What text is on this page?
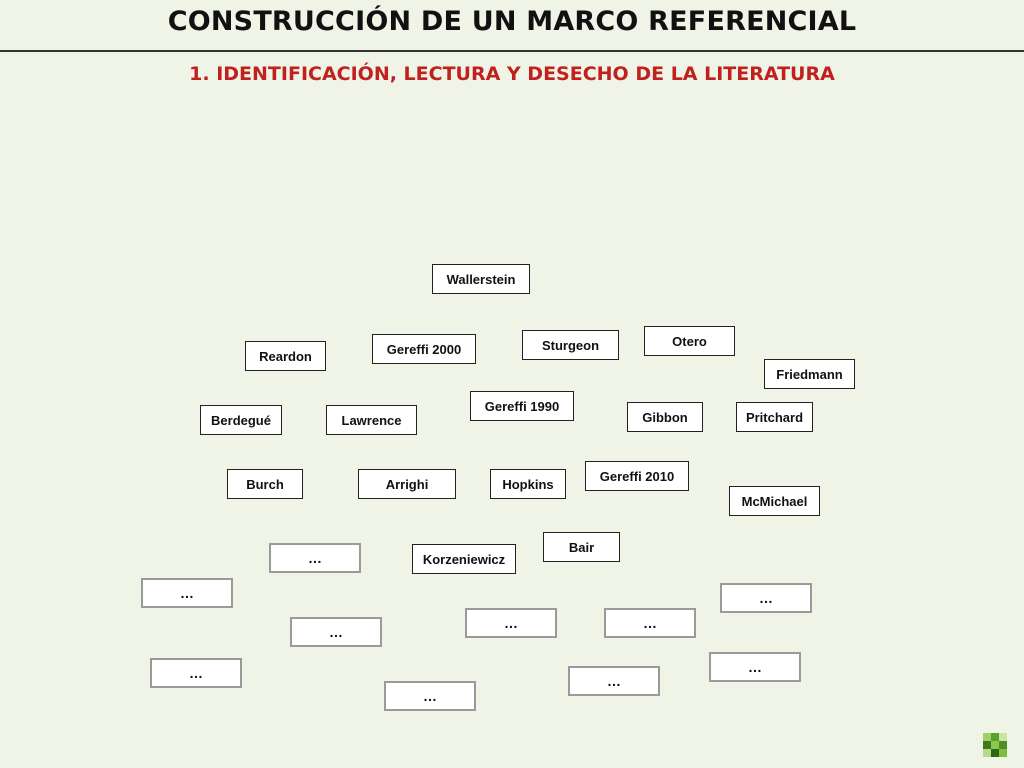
CONSTRUCCIÓN DE UN MARCO REFERENCIAL
1. IDENTIFICACIÓN, LECTURA Y DESECHO DE LA LITERATURA
Wallerstein
Reardon	Gereffi 2000	Sturgeon	Otero
Friedmann
Berdegué	Lawrence
Gereffi 1990
Gibbon	Pritchard
Burch	Arrighi	Hopkins
Gereffi 2010
McMichael
Korzeniewicz
Bair
…
…	…
…
…	…
…	…
…
…
